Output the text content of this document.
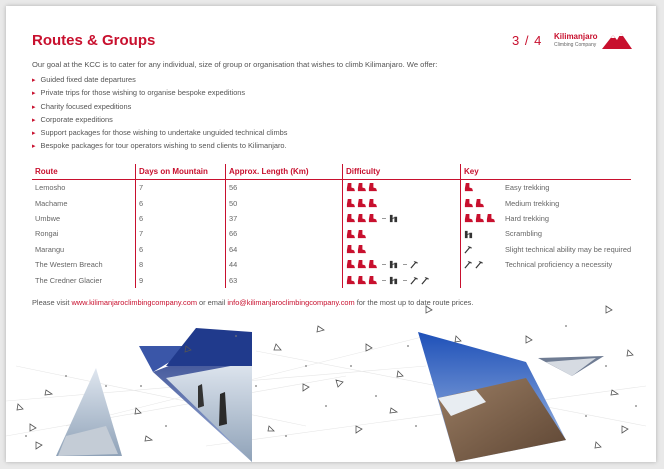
Routes & Groups	3 / 4 Kilimanjaro
Climbing Company
Our goal at the KCC is to cater for any individual, size of group or organisation that wishes to climb Kilimanjaro. We offer:
▸ Guided fixed date departures
▸ Private trips for those wishing to organise bespoke expeditions
▸ Charity focused expeditions
▸ Corporate expeditions
▸ Support packages for those wishing to undertake unguided technical climbs
▸ Bespoke packages for tour operators wishing to send clients to Kilimanjaro.
Route	Days on Mountain	Approx. Length (Km)	Difficulty	Key	
Lemosho	7	56			Easy trekking
Machame	6	50			Medium trekking
Umbwe	6	37			Hard trekking
Rongai	7	66			Scrambling
Marangu	6	64			Slight technical ability may be required
The Western Breach	8	44			Technical proficiency a necessity
The Credner Glacier	9	63			
Please visit www.kilimanjaroclimbingcompany.com or email info@kilimanjaroclimbingcompany.com for the most up to date route prices.
